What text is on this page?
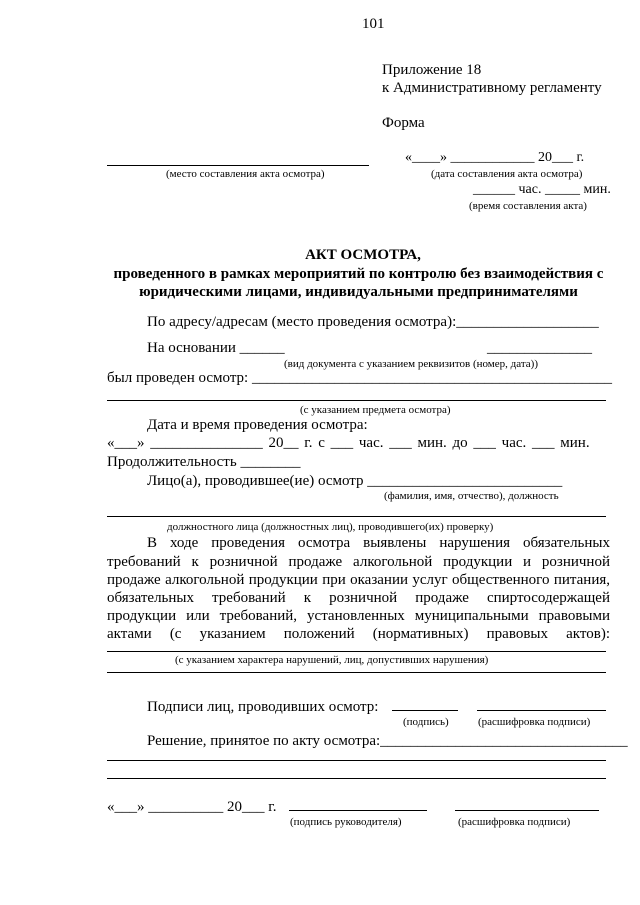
101
Приложение 18
к Административному регламенту
Форма
(место составления акта осмотра)
«____» ____________ 20___ г.
(дата составления акта осмотра)
______ час. _____ мин.
(время составления акта)
АКТ ОСМОТРА,
проведенного в рамках мероприятий по контролю без взаимодействия с
юридическими лицами, индивидуальными предпринимателями
По адресу/адресам (место проведения осмотра):___________________
На основании ______	______________
(вид документа с указанием реквизитов (номер, дата))
был проведен осмотр: ________________________________________________
(с указанием предмета осмотра)
Дата и время проведения осмотра:
«___» _______________ 20__ г. с ___ час. ___ мин. до ___ час. ___ мин.
Продолжительность ________
Лицо(а), проводившее(ие) осмотр __________________________
(фамилия, имя, отчество), должность
должностного лица (должностных лиц), проводившего(их) проверку)
В ходе проведения осмотра выявлены нарушения обязательных
требований к розничной продаже алкогольной продукции и розничной
продаже алкогольной продукции при оказании услуг общественного питания,
обязательных требований к розничной продаже спиртосодержащей
продукции или требований, установленных муниципальными правовыми
актами (с указанием положений (нормативных) правовых актов):
(с указанием характера нарушений, лиц, допустивших нарушения)
Подписи лиц, проводивших осмотр:
(подпись)	(расшифровка подписи)
Решение, принятое по акту осмотра:_________________________________
«___» __________ 20___ г.
(подпись руководителя)	(расшифровка подписи)
